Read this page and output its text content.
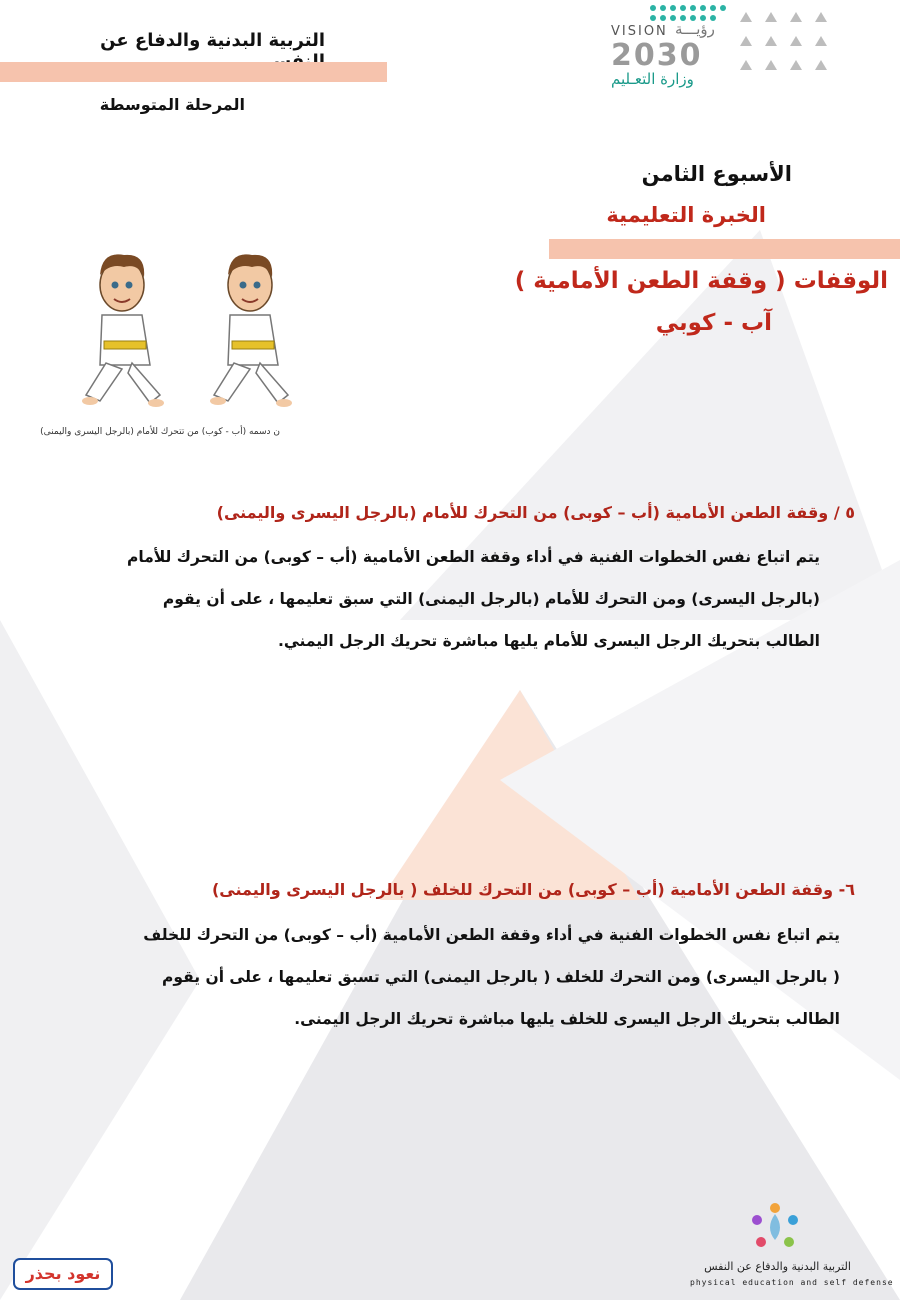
التربية البدنية والدفاع عن
المرحلة المتوسطة
VISION رؤيـــة
2030
وزارة التعـليم
الأسبوع الثامن
الخبرة التعليمية
الوقفات ( وقفة الطعن الأمامية )
آب - كوبي
ن دسمه (أب - كوب) من تتحرك للأمام (بالرجل اليسرى واليمنى)
٥ / وقفة الطعن الأمامية (أب – كوبى) من التحرك للأمام (بالرجل اليسرى واليمنى)

يتم اتباع نفس الخطوات الفنية في أداء وقفة الطعن الأمامية (أب – كوبى) من التحرك للأمام

(بالرجل اليسرى) ومن التحرك للأمام (بالرجل اليمنى) التي سبق تعليمها ، على أن يقوم

الطالب بتحريك الرجل اليسرى للأمام يليها مباشرة تحريك الرجل اليمني.

٦- وقفة الطعن الأمامية (أب – كوبى) من التحرك للخلف ( بالرجل اليسرى واليمنى)

يتم اتباع نفس الخطوات الفنية في أداء وقفة الطعن الأمامية (أب – كوبى) من التحرك للخلف

( بالرجل اليسرى) ومن التحرك للخلف ( بالرجل اليمنى) التي تسبق تعليمها ، على أن يقوم

الطالب بتحريك الرجل اليسرى للخلف يليها مباشرة تحريك الرجل اليمنى.

التربية البدنية والدفاع عن النفس
physical education and self defense
نعود بحذر
